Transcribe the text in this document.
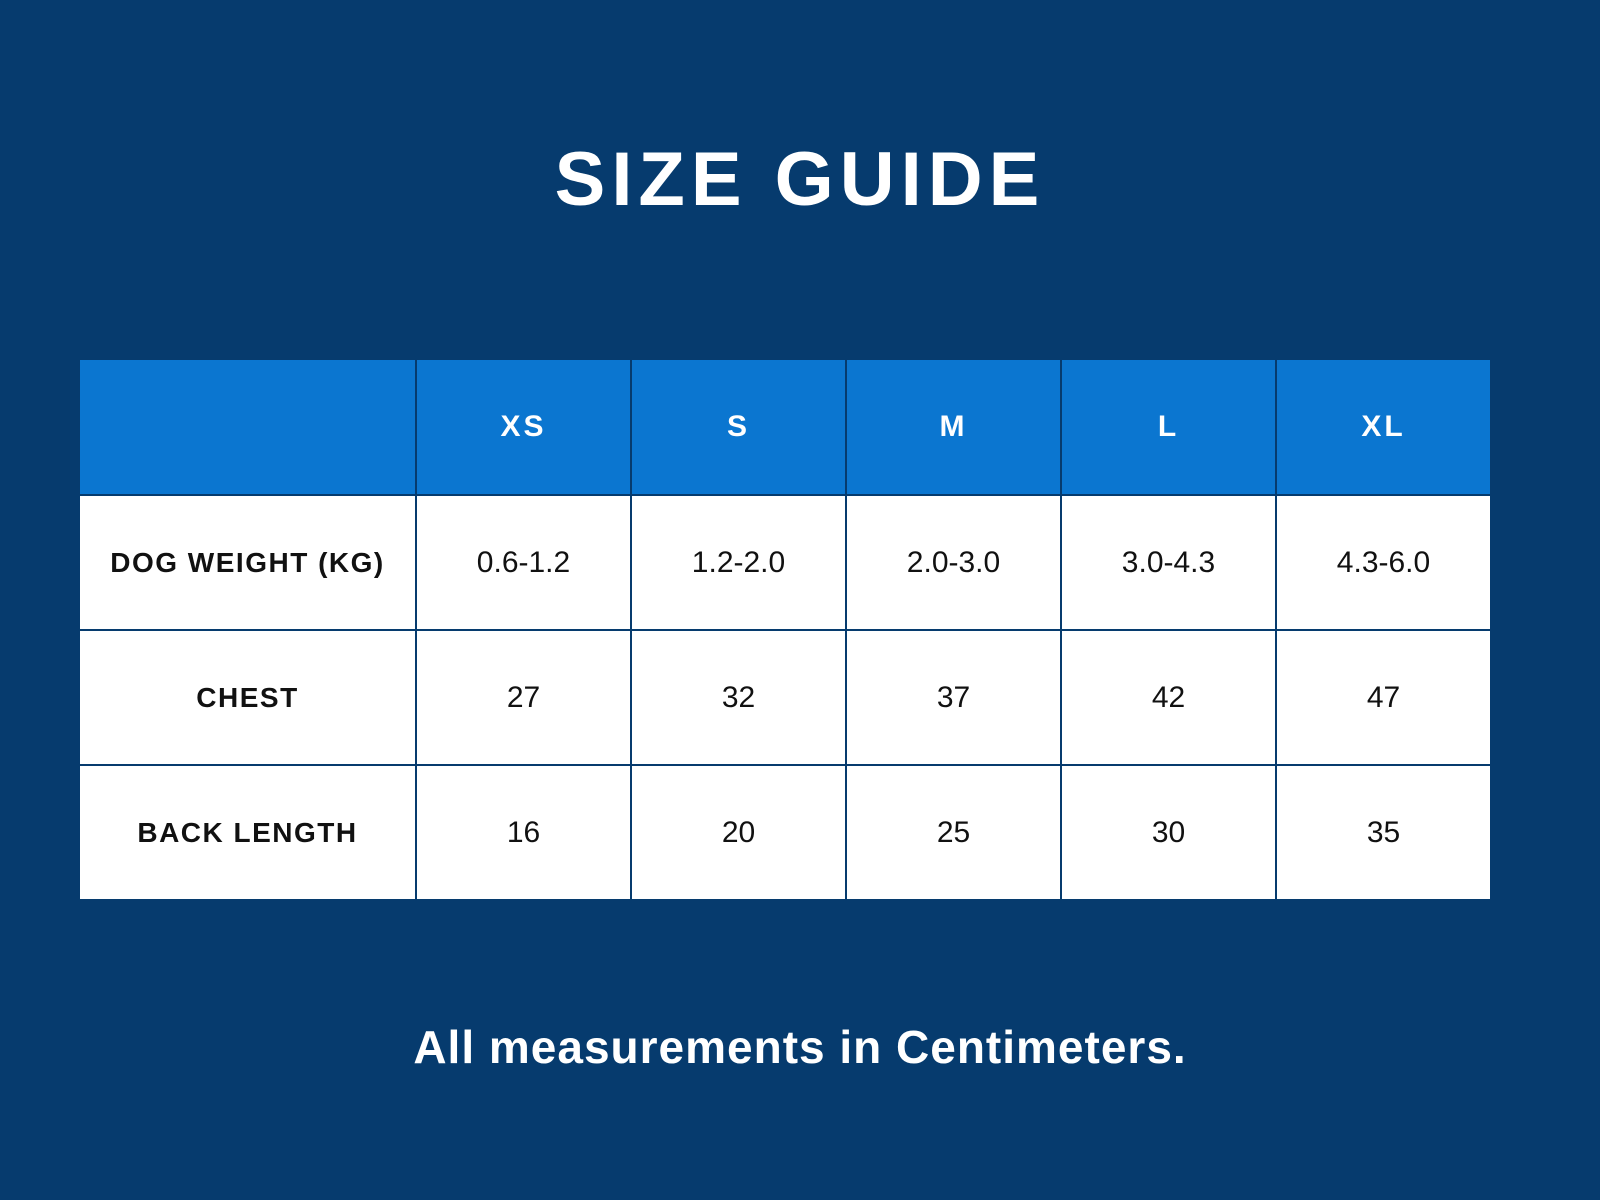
SIZE GUIDE
	XS	S	M	L	XL
DOG WEIGHT (KG)	0.6-1.2	1.2-2.0	2.0-3.0	3.0-4.3	4.3-6.0
CHEST	27	32	37	42	47
BACK LENGTH	16	20	25	30	35
All measurements in Centimeters.
